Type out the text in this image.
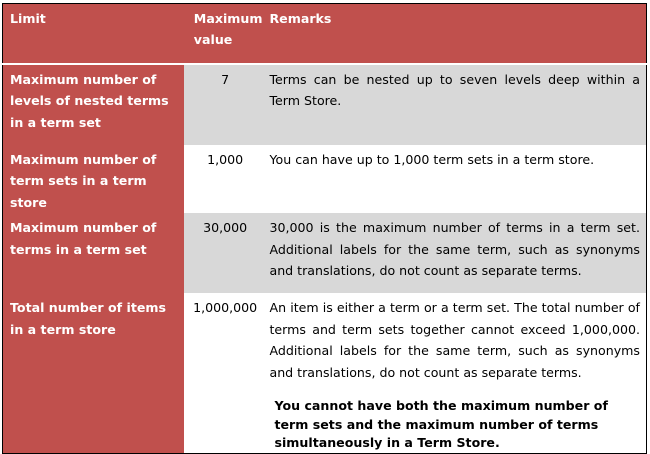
Limit	Maximum value	Remarks

Maximum number of levels of nested terms in a term set	7	Terms can be nested up to seven levels deep within a Term Store.

Maximum number of term sets in a term store	1,000	You can have up to 1,000 term sets in a term store.

Maximum number of terms in a term set	30,000	30,000 is the maximum number of terms in a term set. Additional labels for the same term, such as synonyms and translations, do not count as separate terms.

Total number of items in a term store	1,000,000	An item is either a term or a term set. The total number of terms and term sets together cannot exceed 1,000,000. Additional labels for the same term, such as synonyms and translations, do not count as separate terms.
You cannot have both the maximum number of term sets and the maximum number of terms simultaneously in a Term Store.
